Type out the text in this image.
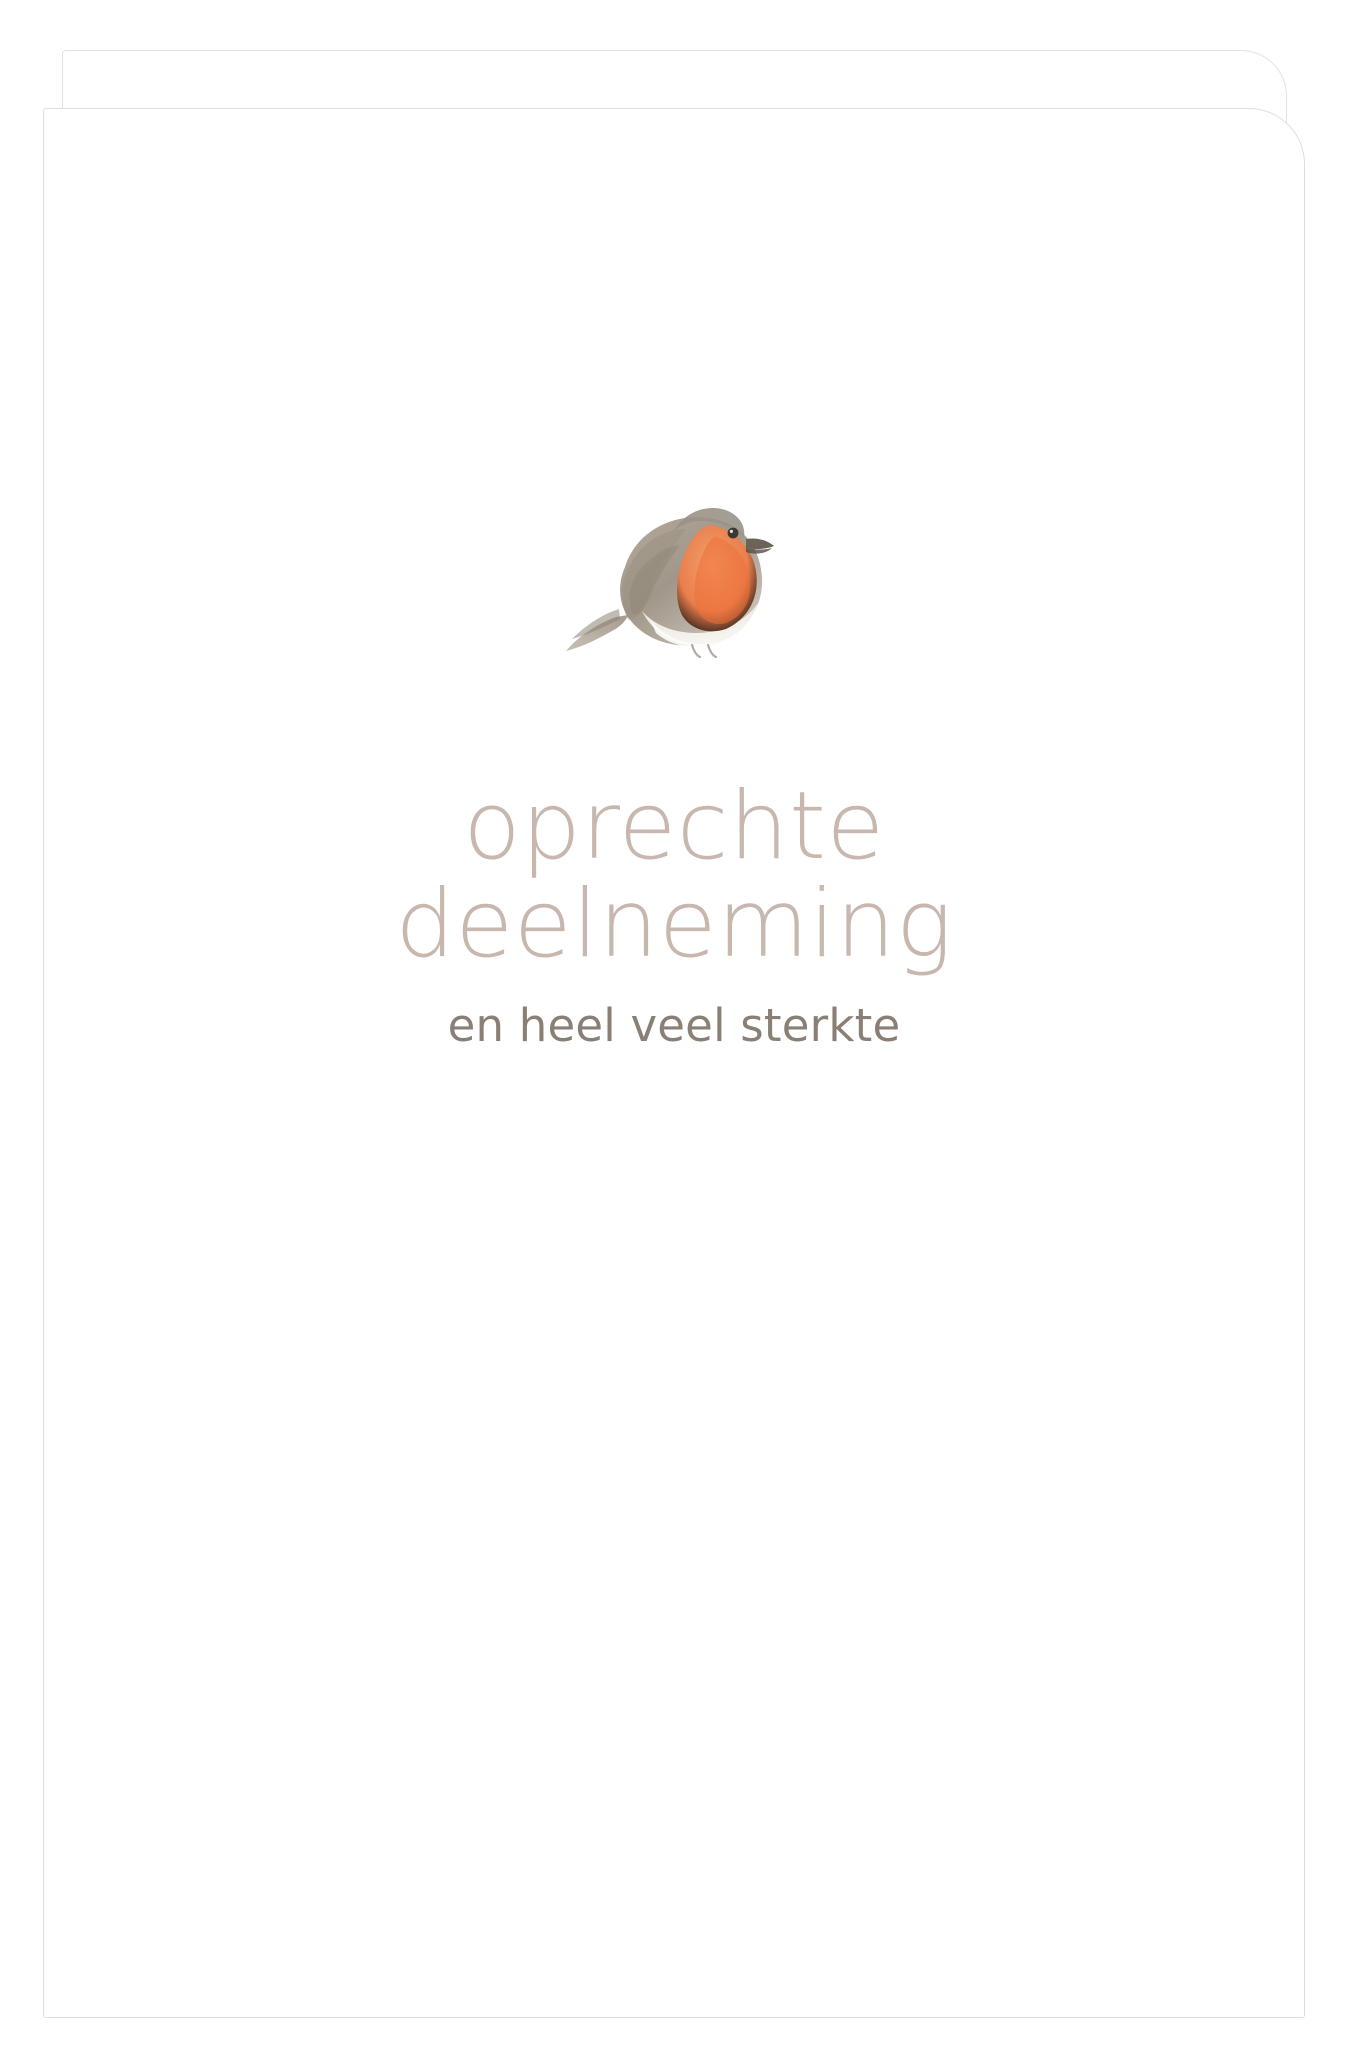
oprechte
deelneming
en heel veel sterkte
